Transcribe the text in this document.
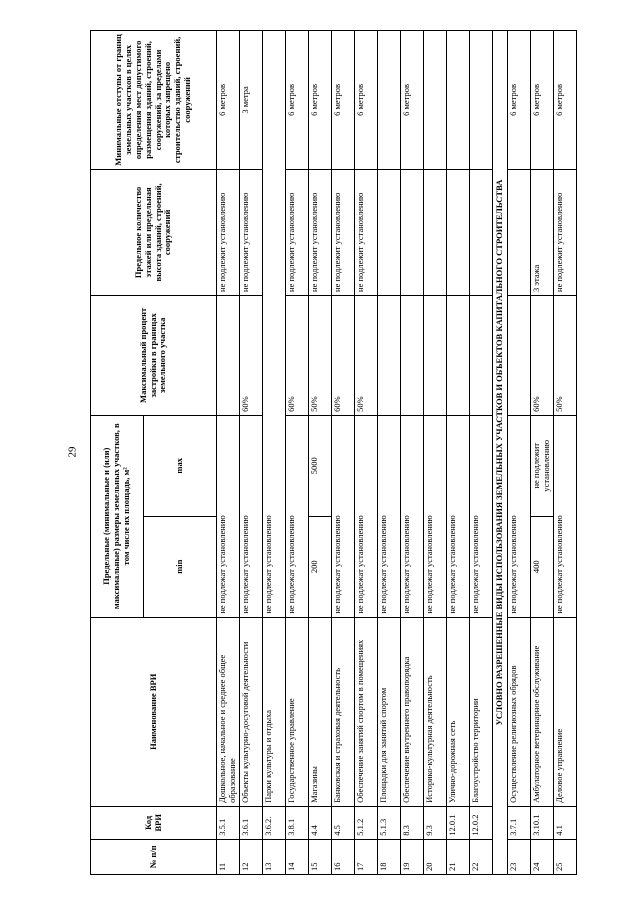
29
№ п/п	Код ВРИ	Наименование ВРИ	Предельные (минимальные и (или) максимальные) размеры земельных участков, в том числе их площадь, м²		Максимальный процент застройки в границах земельного участка	Предельное количество этажей или предельная высота зданий, строений, сооружений	Минимальные отступы от границ земельных участков в целях определения мест допустимого размещения зданий, строений, сооружений, за пределами которых запрещено строительство зданий, строений, сооружений
			min	max			
11	3.5.1	Дошкольное, начальное и среднее общее образование	не подлежат установлению			не подлежит установлению	6 метров
12	3.6.1	Объекты культурно-досуговой деятельности	не подлежат установлению		60%	не подлежит установлению	3 метра
13	3.6.2.	Парки культуры и отдыха	не подлежат установлению				
14	3.8.1	Государственное управление	не подлежат установлению		60%	не подлежит установлению	6 метров
15	4.4	Магазины	200	5000	50%	не подлежит установлению	6 метров
16	4.5	Банковская и страховая деятельность	не подлежат установлению		60%	не подлежит установлению	6 метров
17	5.1.2	Обеспечение занятий спортом в помещениях	не подлежат установлению		50%	не подлежит установлению	6 метров
18	5.1.3	Площадки для занятий спортом	не подлежат установлению				
19	8.3	Обеспечение внутреннего правопорядка	не подлежат установлению				6 метров
20	9.3	Историко-культурная деятельность	не подлежат установлению				
21	12.0.1	Улично-дорожная сеть	не подлежат установлению				
22	12.0.2	Благоустройство территории	не подлежат установлению				
УСЛОВНО РАЗРЕШЕННЫЕ ВИДЫ ИСПОЛЬЗОВАНИЯ ЗЕМЕЛЬНЫХ УЧАСТКОВ И ОБЪЕКТОВ КАПИТАЛЬНОГО СТРОИТЕЛЬСТВА							
23	3.7.1	Осуществление религиозных обрядов	не подлежат установлению				6 метров
24	3.10.1	Амбулаторное ветеринарное обслуживание	400	не подлежит установлению	60%	3 этажа	6 метров
25	4.1	Деловое управление	не подлежат установлению		50%	не подлежит установлению	6 метров
